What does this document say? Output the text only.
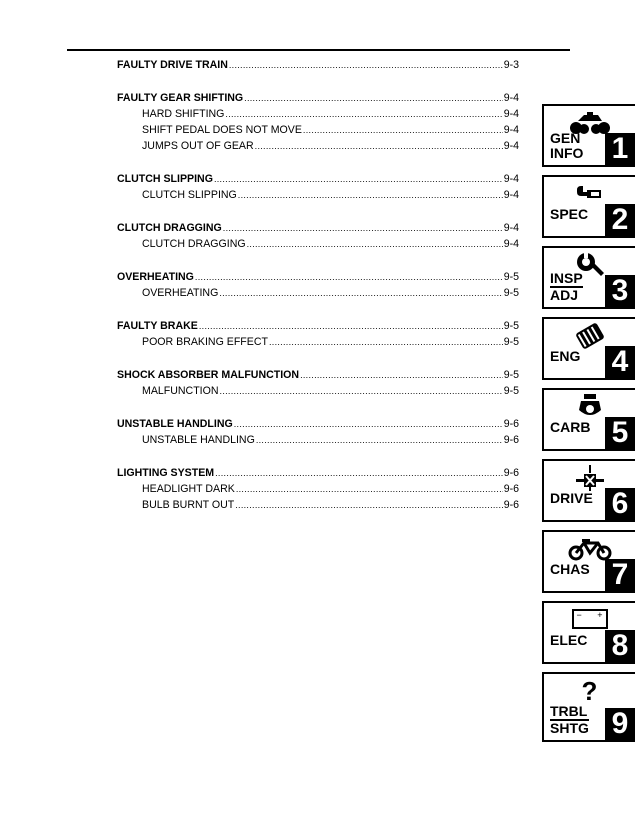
FAULTY DRIVE TRAIN .....	9-3
FAULTY GEAR SHIFTING .....	9-4
HARD SHIFTING .....	9-4
SHIFT PEDAL DOES NOT MOVE .....	9-4
JUMPS OUT OF GEAR .....	9-4
CLUTCH SLIPPING .....	9-4
CLUTCH SLIPPING .....	9-4
CLUTCH DRAGGING .....	9-4
CLUTCH DRAGGING .....	9-4
OVERHEATING .....	9-5
OVERHEATING .....	9-5
FAULTY BRAKE .....	9-5
POOR BRAKING EFFECT .....	9-5
SHOCK ABSORBER MALFUNCTION .....	9-5
MALFUNCTION .....	9-5
UNSTABLE HANDLING .....	9-6
UNSTABLE HANDLING .....	9-6
LIGHTING SYSTEM .....	9-6
HEADLIGHT DARK .....	9-6
BULB BURNT OUT .....	9-6
GEN
INFO 1
SPEC 2
INSP
ADJ 3
ENG 4
CARB 5
DRIVE 6
CHAS 7
− +
ELEC 8
?
TRBL
SHTG 9
